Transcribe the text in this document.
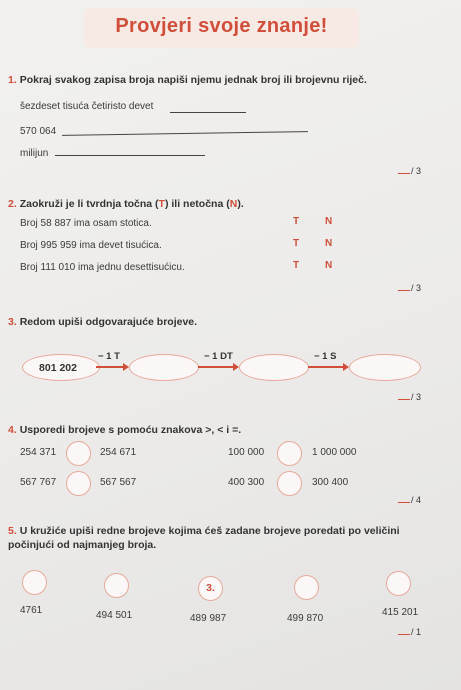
Provjeri svoje znanje!
1. Pokraj svakog zapisa broja napiši njemu jednak broj ili brojevnu riječ.
šezdeset tisuća četiristo devet
570 064
milijun
/ 3
2. Zaokruži je li tvrdnja točna (T) ili netočna (N).
Broj 58 887 ima osam stotica.	T	N
Broj 995 959 ima devet tisućica.	T	N
Broj 111 010 ima jednu desettisućicu.	T	N
/ 3
3. Redom upiši odgovarajuće brojeve.
801 202
− 1 T	− 1 DT	− 1 S
/ 3
4. Usporedi brojeve s pomoću znakova >, < i =.
254 371	254 671	100 000	1 000 000
567 767	567 567	400 300	300 400
/ 4
5. U kružiće upiši redne brojeve kojima ćeš zadane brojeve poredati po veličini
počinjući od najmanjeg broja.
3.
4761	494 501	489 987	499 870
415 201
/ 1
